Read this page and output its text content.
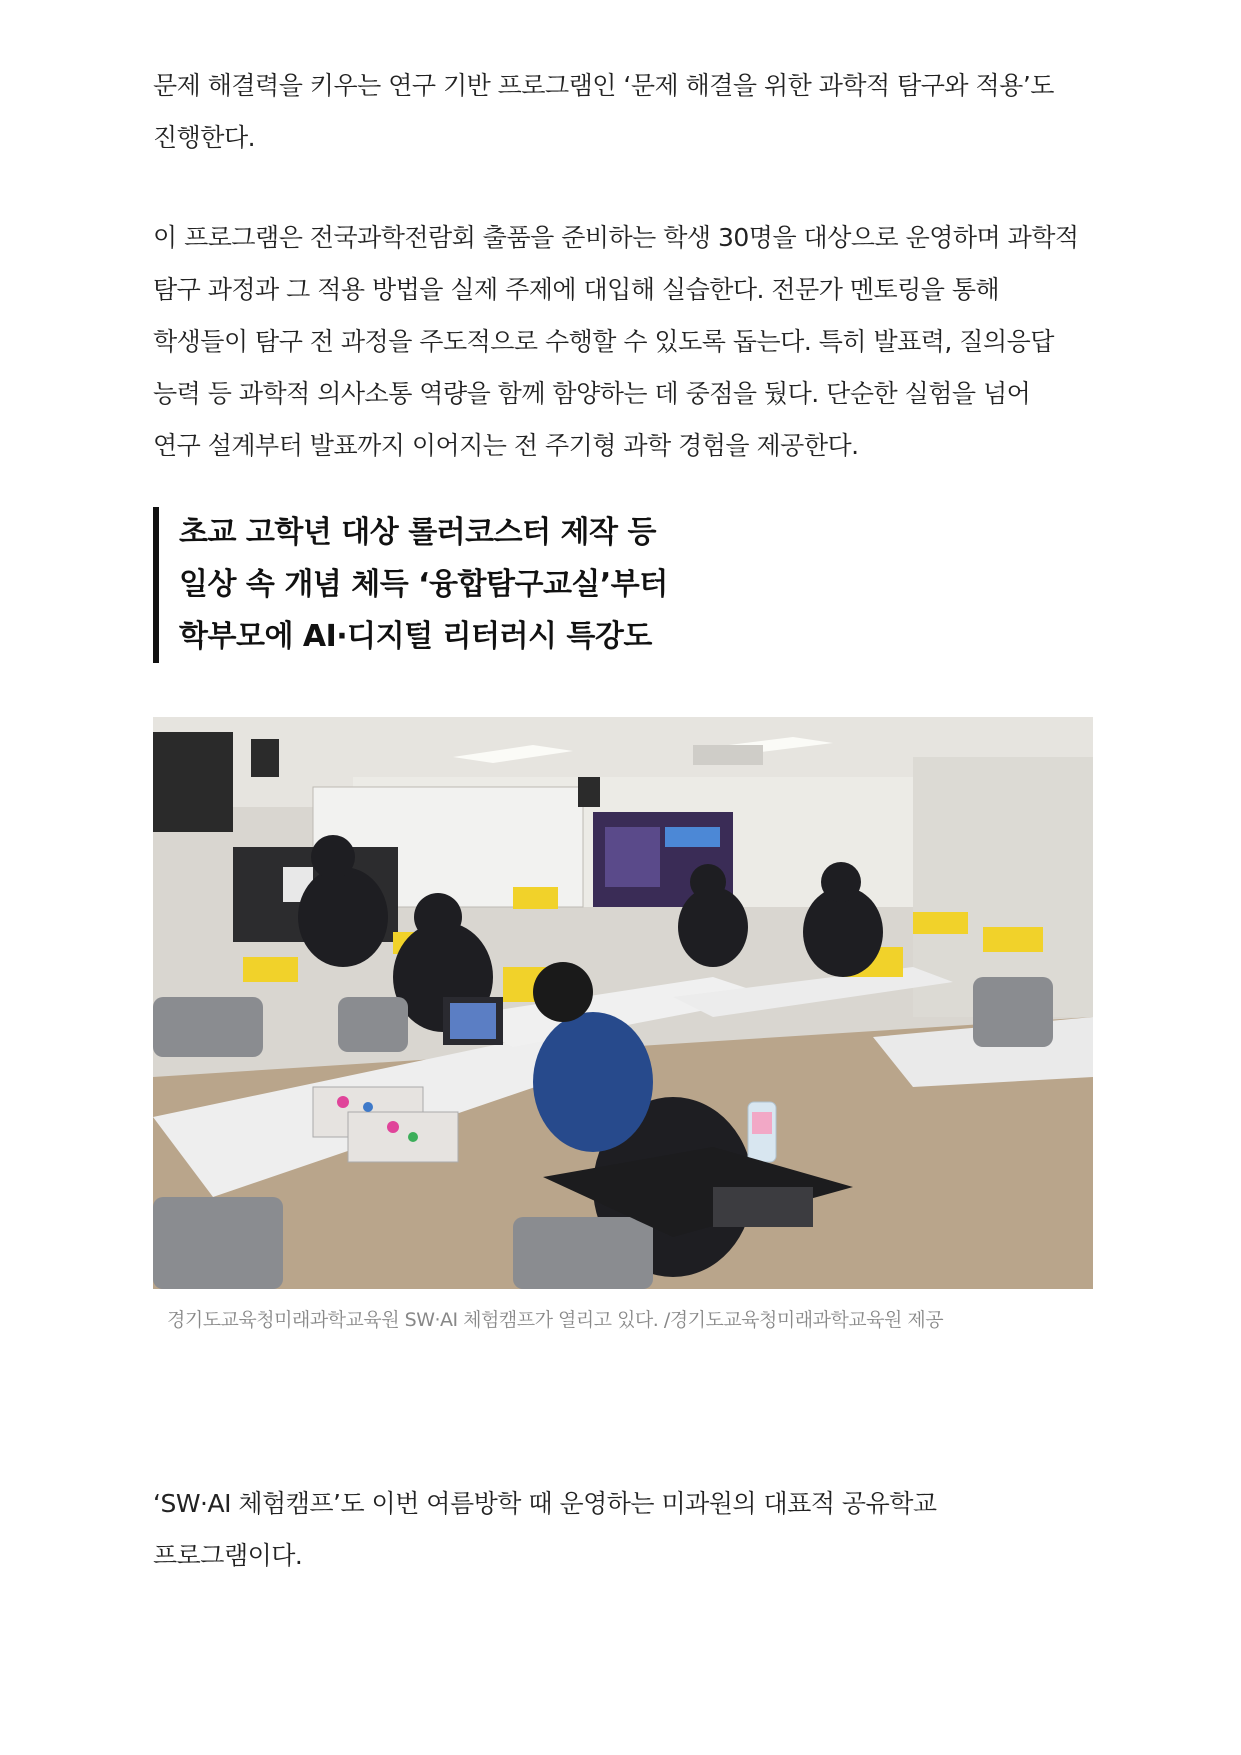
문제 해결력을 키우는 연구 기반 프로그램인 ‘문제 해결을 위한 과학적 탐구와 적용’도
진행한다.

이 프로그램은 전국과학전람회 출품을 준비하는 학생 30명을 대상으로 운영하며 과학적
탐구 과정과 그 적용 방법을 실제 주제에 대입해 실습한다. 전문가 멘토링을 통해
학생들이 탐구 전 과정을 주도적으로 수행할 수 있도록 돕는다. 특히 발표력, 질의응답
능력 등 과학적 의사소통 역량을 함께 함양하는 데 중점을 뒀다. 단순한 실험을 넘어
연구 설계부터 발표까지 이어지는 전 주기형 과학 경험을 제공한다.

초교 고학년 대상 롤러코스터 제작 등
일상 속 개념 체득 ‘융합탐구교실’부터
학부모에 AI·디지털 리터러시 특강도
경기도교육청미래과학교육원 SW·AI 체험캠프가 열리고 있다. /경기도교육청미래과학교육원 제공

‘SW·AI 체험캠프’도 이번 여름방학 때 운영하는 미과원의 대표적 공유학교
프로그램이다.
